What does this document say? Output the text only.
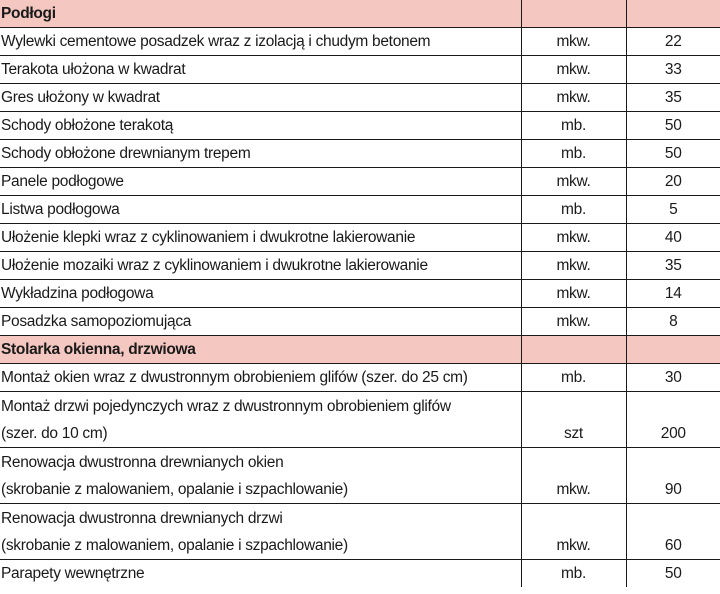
Podłogi		
Wylewki cementowe posadzek wraz z izolacją i chudym betonem	mkw.	22
Terakota ułożona w kwadrat	mkw.	33
Gres ułożony w kwadrat	mkw.	35
Schody obłożone terakotą	mb.	50
Schody obłożone drewnianym trepem	mb.	50
Panele podłogowe	mkw.	20
Listwa podłogowa	mb.	5
Ułożenie klepki wraz z cyklinowaniem i dwukrotne lakierowanie	mkw.	40
Ułożenie mozaiki wraz z cyklinowaniem i dwukrotne lakierowanie	mkw.	35
Wykładzina podłogowa	mkw.	14
Posadzka samopoziomująca	mkw.	8
Stolarka okienna, drzwiowa		
Montaż okien wraz z dwustronnym obrobieniem glifów (szer. do 25 cm)	mb.	30

Montaż drzwi pojedynczych wraz z dwustronnym obrobieniem glifów
(szer. do 10 cm)	szt	200

Renowacja dwustronna drewnianych okien
(skrobanie z malowaniem, opalanie i szpachlowanie)	mkw.	90

Renowacja dwustronna drewnianych drzwi
(skrobanie z malowaniem, opalanie i szpachlowanie)	mkw.	60
Parapety wewnętrzne	mb.	50
